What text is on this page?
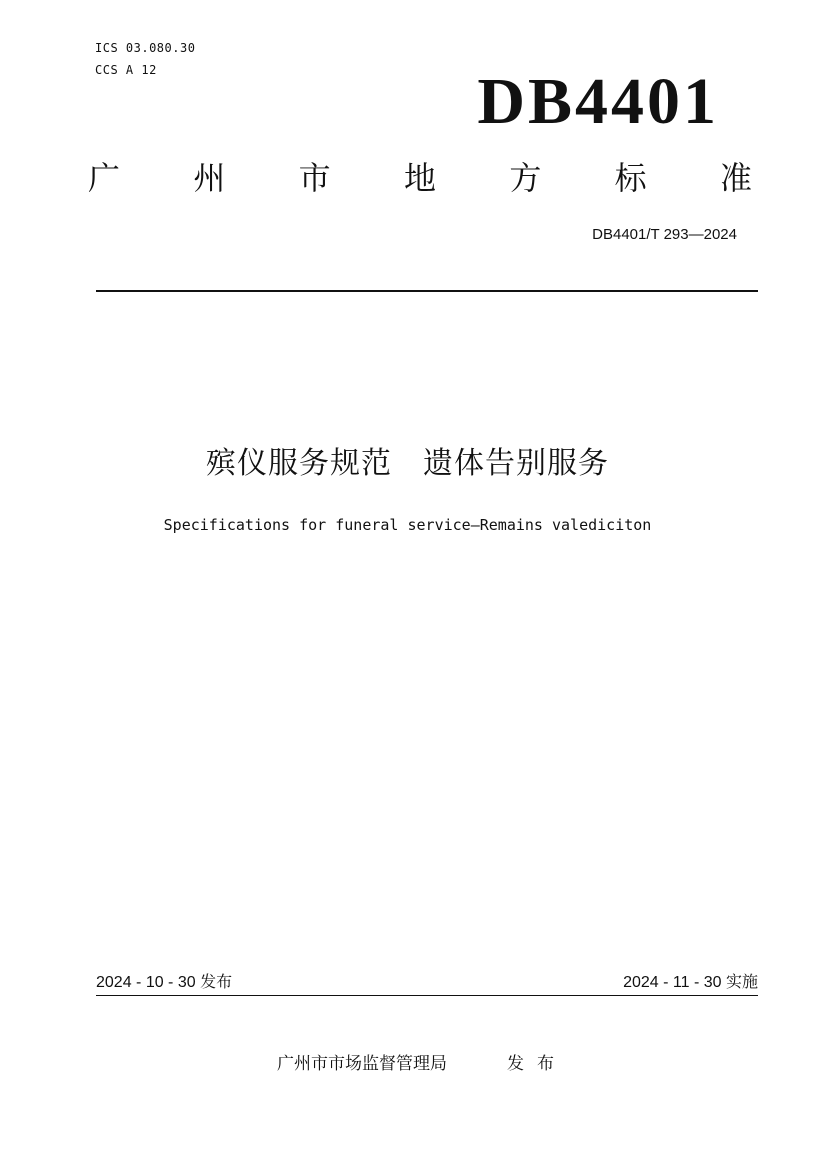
ICS 03.080.30
CCS A 12	DB4401
广 州 市 地 方 标 准
DB4401/T 293—2024
殡仪服务规范　遗体告别服务
Specifications for funeral service—Remains valediciton
2024 - 10 - 30 发布	2024 - 11 - 30 实施
广州市市场监督管理局	发布
